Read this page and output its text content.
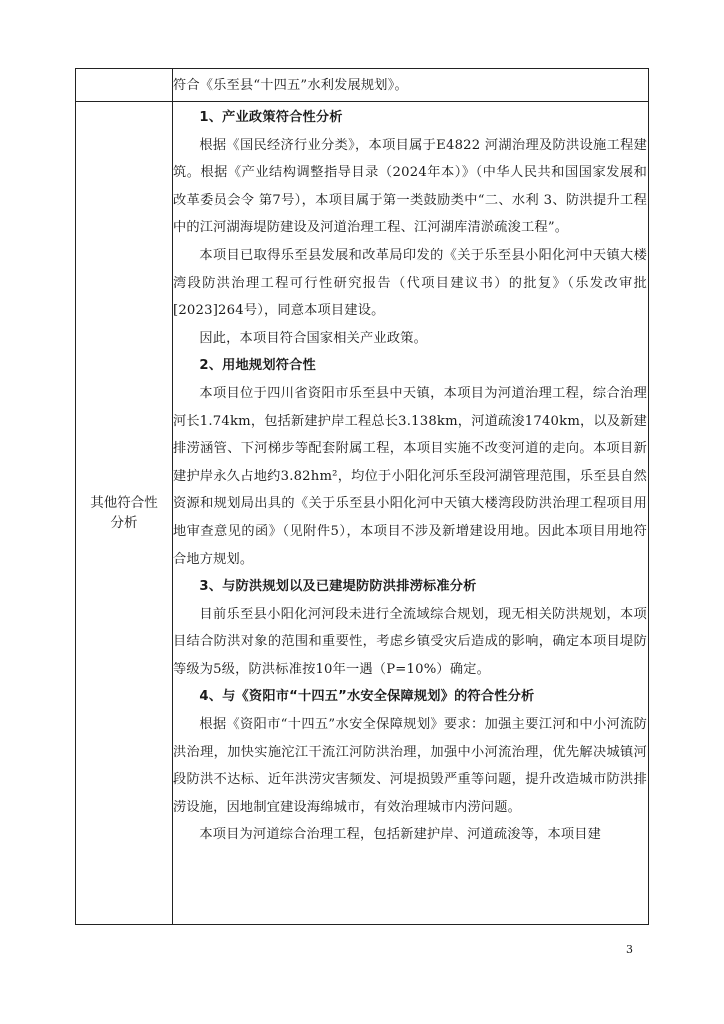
符合《乐至县“十四五”水利发展规划》。
其他符合性分析

1、产业政策符合性分析

根据《国民经济行业分类》，本项目属于E4822 河湖治理及防洪设施工程建筑。根据《产业结构调整指导目录（2024年本）》（中华人民共和国国家发展和改革委员会令 第7号），本项目属于第一类鼓励类中“二、水利 3、防洪提升工程中的江河湖海堤防建设及河道治理工程、江河湖库清淤疏浚工程”。

本项目已取得乐至县发展和改革局印发的《关于乐至县小阳化河中天镇大楼湾段防洪治理工程可行性研究报告（代项目建议书）的批复》（乐发改审批[2023]264号），同意本项目建设。

因此，本项目符合国家相关产业政策。

2、用地规划符合性

本项目位于四川省资阳市乐至县中天镇，本项目为河道治理工程，综合治理河长1.74km，包括新建护岸工程总长3.138km，河道疏浚1740km，以及新建排涝涵管、下河梯步等配套附属工程，本项目实施不改变河道的走向。本项目新建护岸永久占地约3.82hm²，均位于小阳化河乐至段河湖管理范围，乐至县自然资源和规划局出具的《关于乐至县小阳化河中天镇大楼湾段防洪治理工程项目用地审查意见的函》（见附件5），本项目不涉及新增建设用地。因此本项目用地符合地方规划。

3、与防洪规划以及已建堤防防洪排涝标准分析

目前乐至县小阳化河河段未进行全流域综合规划，现无相关防洪规划，本项目结合防洪对象的范围和重要性，考虑乡镇受灾后造成的影响，确定本项目堤防等级为5级，防洪标准按10年一遇（P=10%）确定。

4、与《资阳市“十四五”水安全保障规划》的符合性分析

根据《资阳市“十四五”水安全保障规划》要求：加强主要江河和中小河流防洪治理，加快实施沱江干流江河防洪治理，加强中小河流治理，优先解决城镇河段防洪不达标、近年洪涝灾害频发、河堤损毁严重等问题，提升改造城市防洪排涝设施，因地制宜建设海绵城市，有效治理城市内涝问题。

本项目为河道综合治理工程，包括新建护岸、河道疏浚等，本项目建

3
